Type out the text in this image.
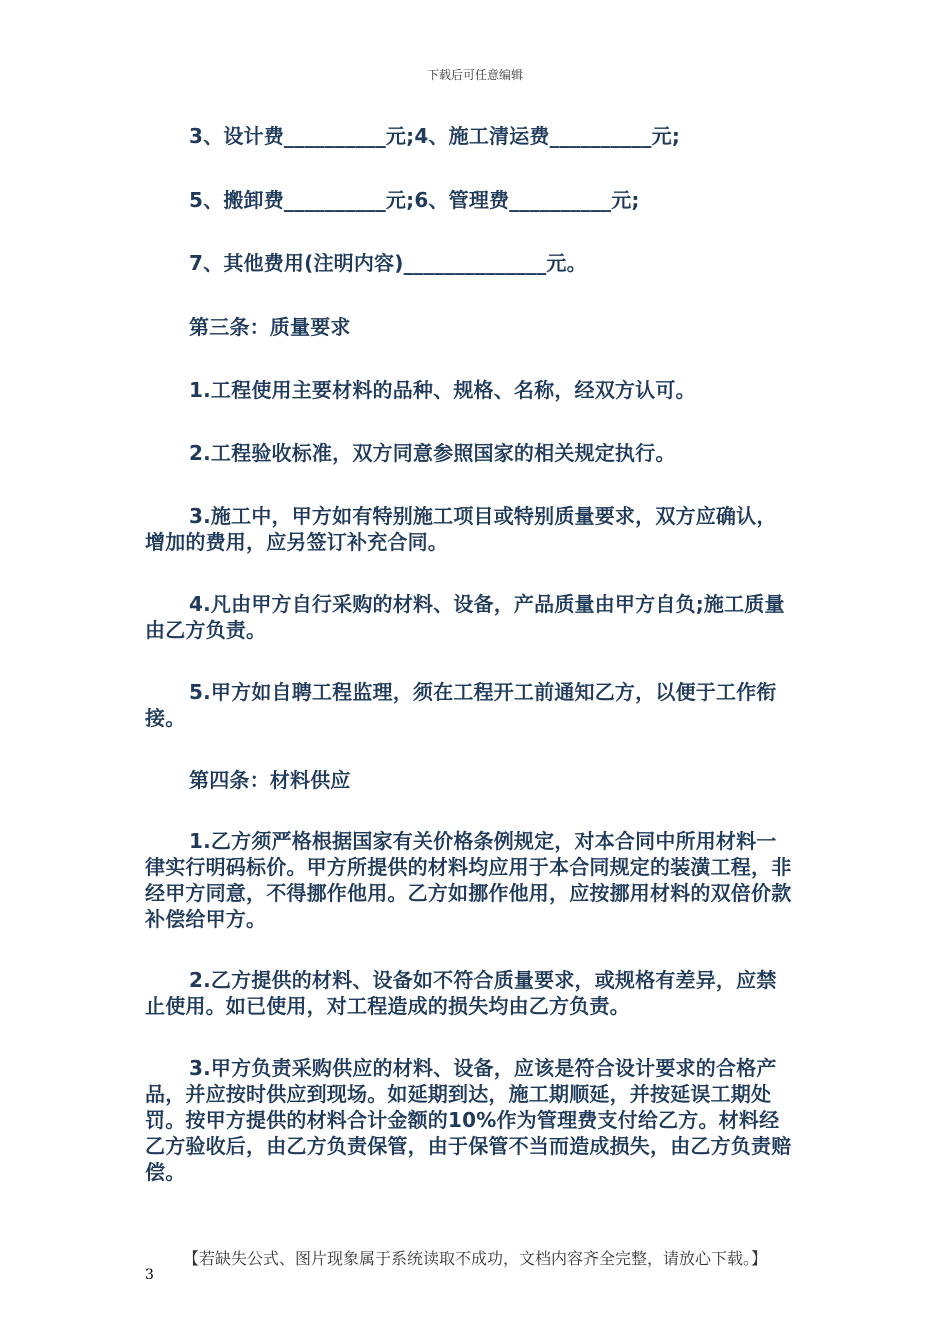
下载后可任意编辑

3、设计费__________元;4、施工清运费__________元;

5、搬卸费__________元;6、管理费__________元;

7、其他费用(注明内容)______________元。

第三条：质量要求

1.工程使用主要材料的品种、规格、名称，经双方认可。

2.工程验收标准，双方同意参照国家的相关规定执行。

3.施工中，甲方如有特别施工项目或特别质量要求，双方应确认，增加的费用，应另签订补充合同。

4.凡由甲方自行采购的材料、设备，产品质量由甲方自负;施工质量由乙方负责。

5.甲方如自聘工程监理，须在工程开工前通知乙方，以便于工作衔接。

第四条：材料供应

1.乙方须严格根据国家有关价格条例规定，对本合同中所用材料一律实行明码标价。甲方所提供的材料均应用于本合同规定的装潢工程，非经甲方同意，不得挪作他用。乙方如挪作他用，应按挪用材料的双倍价款补偿给甲方。

2.乙方提供的材料、设备如不符合质量要求，或规格有差异，应禁止使用。如已使用，对工程造成的损失均由乙方负责。

3.甲方负责采购供应的材料、设备，应该是符合设计要求的合格产品，并应按时供应到现场。如延期到达，施工期顺延，并按延误工期处罚。按甲方提供的材料合计金额的10%作为管理费支付给乙方。材料经乙方验收后，由乙方负责保管，由于保管不当而造成损失，由乙方负责赔偿。

【若缺失公式、图片现象属于系统读取不成功，文档内容齐全完整，请放心下载。】
3
